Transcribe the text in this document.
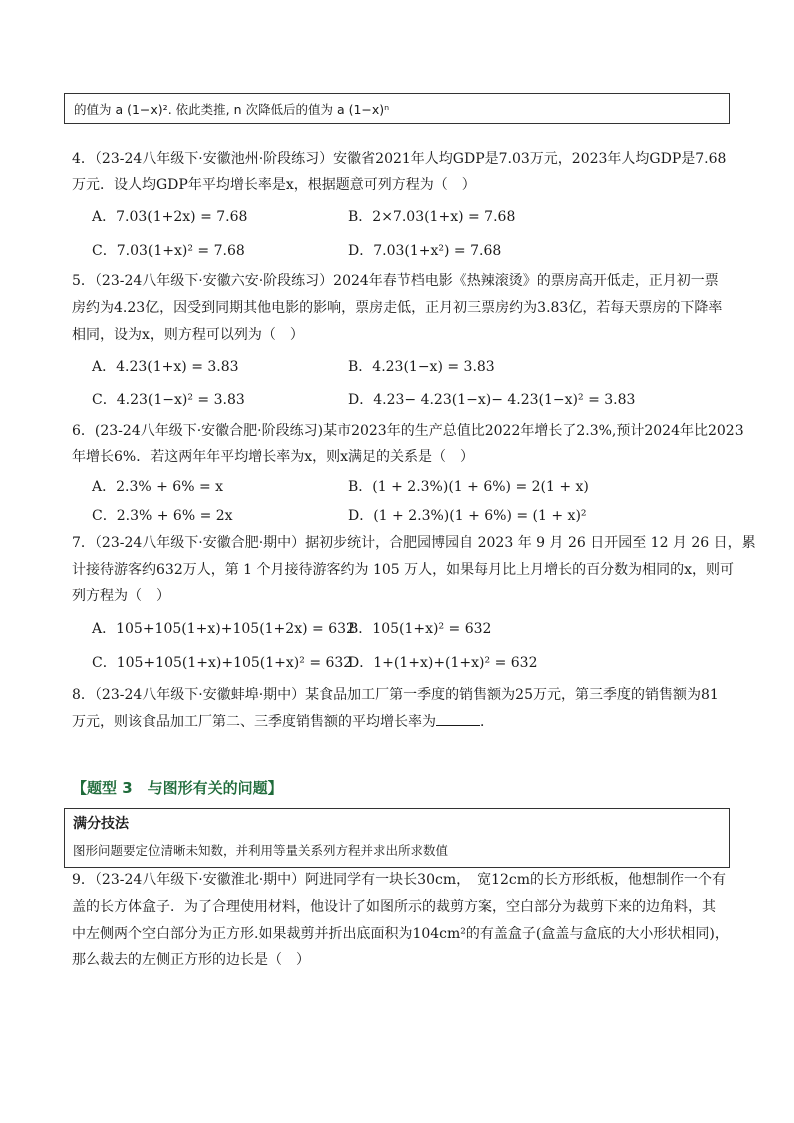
的值为 a (1−x)². 依此类推, n 次降低后的值为 a (1−x)ⁿ
4．（23-24八年级下·安徽池州·阶段练习）安徽省2021年人均GDP是7.03万元，2023年人均GDP是7.68
万元．设人均GDP年平均增长率是x，根据题意可列方程为（　）
A．7.03(1+2x) = 7.68	B．2×7.03(1+x) = 7.68
C．7.03(1+x)² = 7.68	D．7.03(1+x²) = 7.68
5．（23-24八年级下·安徽六安·阶段练习）2024年春节档电影《热辣滚烫》的票房高开低走，正月初一票
房约为4.23亿，因受到同期其他电影的影响，票房走低，正月初三票房约为3.83亿，若每天票房的下降率
相同，设为x，则方程可以列为（　）
A．4.23(1+x) = 3.83	B．4.23(1−x) = 3.83
C．4.23(1−x)² = 3.83	D．4.23− 4.23(1−x)− 4.23(1−x)² = 3.83
6．(23-24八年级下·安徽合肥·阶段练习)某市2023年的生产总值比2022年增长了2.3%,预计2024年比2023
年增长6%．若这两年年平均增长率为x，则x满足的关系是（　）
A．2.3% + 6% = x	B．(1 + 2.3%)(1 + 6%) = 2(1 + x)
C．2.3% + 6% = 2x	D．(1 + 2.3%)(1 + 6%) = (1 + x)²
7．（23-24八年级下·安徽合肥·期中）据初步统计，合肥园博园自 2023 年 9 月 26 日开园至 12 月 26 日，累
计接待游客约632万人，第 1 个月接待游客约为 105 万人，如果每月比上月增长的百分数为相同的x，则可
列方程为（　）
A．105+105(1+x)+105(1+2x) = 632
B．105(1+x)² = 632
C．105+105(1+x)+105(1+x)² = 632
D．1+(1+x)+(1+x)² = 632
8．（23-24八年级下·安徽蚌埠·期中）某食品加工厂第一季度的销售额为25万元，第三季度的销售额为81
万元，则该食品加工厂第二、三季度销售额的平均增长率为	．
【题型 3　与图形有关的问题】
满分技法
图形问题要定位清晰未知数，并利用等量关系列方程并求出所求数值
9．（23-24八年级下·安徽淮北·期中）阿进同学有一块长30cm，　宽12cm的长方形纸板，他想制作一个有
盖的长方体盒子．为了合理使用材料，他设计了如图所示的裁剪方案，空白部分为裁剪下来的边角料，其
中左侧两个空白部分为正方形.如果裁剪并折出底面积为104cm²的有盖盒子(盒盖与盒底的大小形状相同)，
那么裁去的左侧正方形的边长是（　）
